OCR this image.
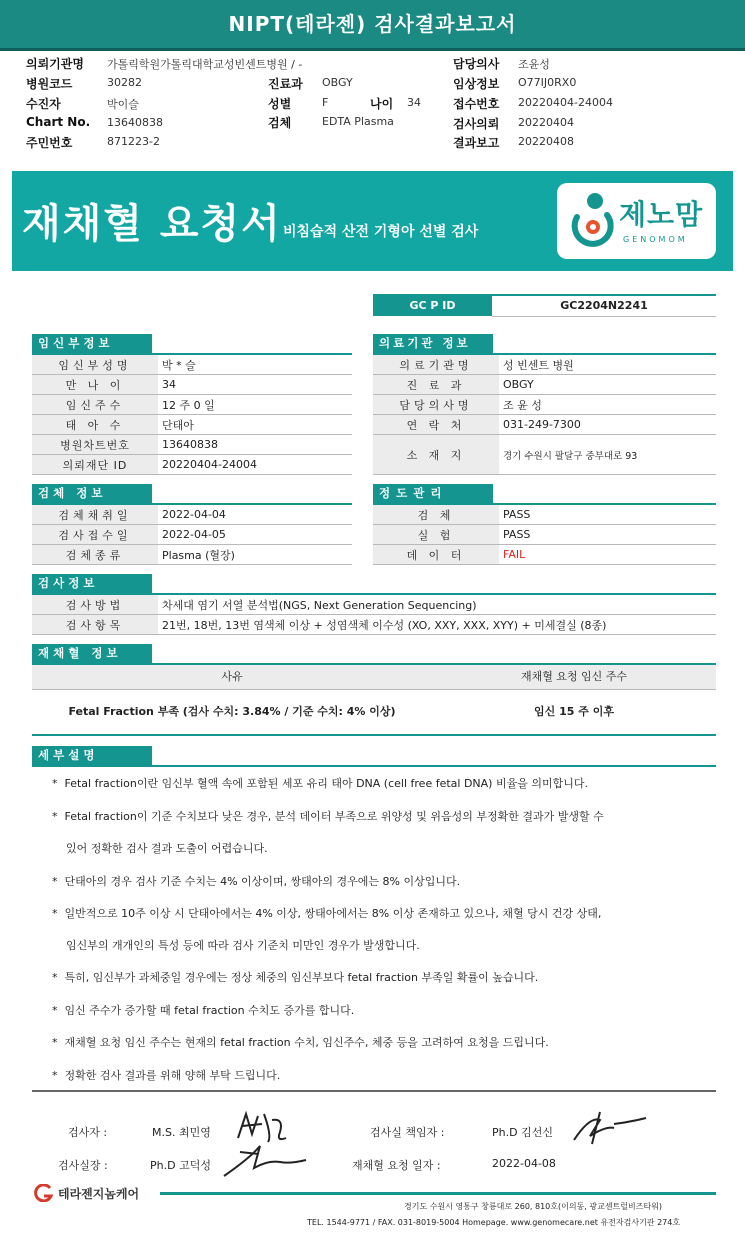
NIPT(테라젠) 검사결과보고서
의뢰기관명 가톨릭학원가톨릭대학교성빈센트병원 / -
병원코드	30282
수진자	박이슬
Chart No. 13640838
주민번호	871223-2
진료과 OBGY
성별	F	나이 34
검체	EDTA Plasma
담당의사 조윤성
임상정보 O77IJ0RX0
접수번호 20220404-24004
검사의뢰 20220404
결과보고 20220408
재채혈 요청서 비침습적 산전 기형아 선별 검사
제노맘
GENOMOM
GC P ID	GC2204N2241
임신부정보
임신부성명	박 * 슬
만 나 이	34
임신주수	12 주 0 일
태 아 수	단태아
병원차트번호	13640838
의뢰재단 ID	20220404-24004
의료기관 정보
의료기관명	성 빈센트 병원
진 료 과	OBGY
담당의사명	조 윤 성
연 락 처	031-249-7300
소 재 지	경기 수원시 팔달구 중부대로 93
검체 정보
검체채취일	2022-04-04
검사접수일	2022-04-05
검체종류	Plasma (혈장)
정도관리
검 체	PASS
실 험	PASS
데 이 터	FAIL
검사정보
검사방법	차세대 염기 서열 분석법(NGS, Next Generation Sequencing)
검사항목	21번, 18번, 13번 염색체 이상 + 성염색체 이수성 (XO, XXY, XXX, XYY) + 미세결실 (8종)
재채혈 정보
사유	재채혈 요청 임신 주수
Fetal Fraction 부족 (검사 수치: 3.84% / 기준 수치: 4% 이상)	임신 15 주 이후
세부설명
*  Fetal fraction이란 임신부 혈액 속에 포함된 세포 유리 태아 DNA (cell free fetal DNA) 비율을 의미합니다.
*  Fetal fraction이 기준 수치보다 낮은 경우, 분석 데이터 부족으로 위양성 및 위음성의 부정확한 결과가 발생할 수
있어 정확한 검사 결과 도출이 어렵습니다.
*  단태아의 경우 검사 기준 수치는 4% 이상이며, 쌍태아의 경우에는 8% 이상입니다.
*  일반적으로 10주 이상 시 단태아에서는 4% 이상, 쌍태아에서는 8% 이상 존재하고 있으나, 채혈 당시 건강 상태,
임신부의 개개인의 특성 등에 따라 검사 기준치 미만인 경우가 발생합니다.
*  특히, 임신부가 과체중일 경우에는 정상 체중의 임신부보다 fetal fraction 부족일 확률이 높습니다.
*  임신 주수가 증가할 때 fetal fraction 수치도 증가를 합니다.
*  재채혈 요청 임신 주수는 현재의 fetal fraction 수치, 임신주수, 체중 등을 고려하여 요청을 드립니다.
*  정확한 검사 결과를 위해 양해 부탁 드립니다.
검사자 :	M.S. 최민영	검사실 책임자 :	Ph.D 김선신
검사실장 :	Ph.D 고덕성	재채혈 요청 일자 :	2022-04-08
테라젠지놈케어
경기도 수원시 영통구 창룡대로 260, 810호(이의동, 광교센트럴비즈타워)
TEL. 1544-9771 / FAX. 031-8019-5004 Homepage. www.genomecare.net 유전자검사기관 274호
